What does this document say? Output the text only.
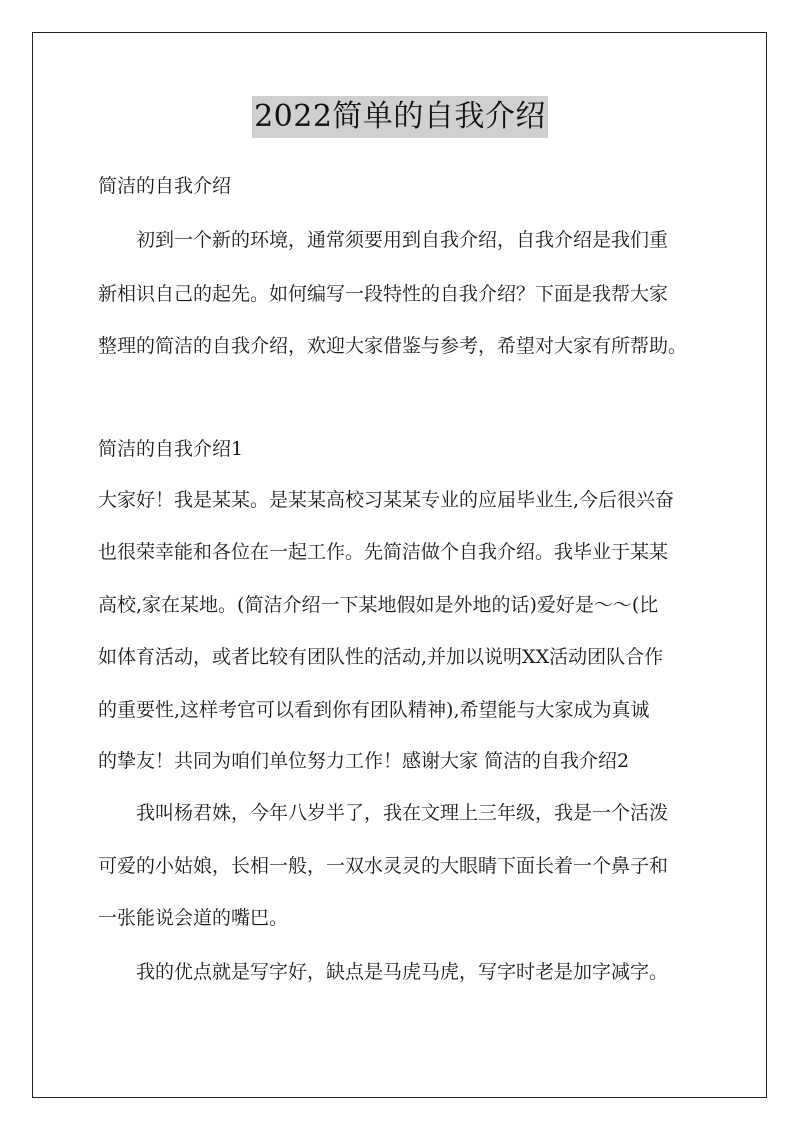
2022简单的自我介绍
简洁的自我介绍
初到一个新的环境，通常须要用到自我介绍，自我介绍是我们重
新相识自己的起先。如何编写一段特性的自我介绍？下面是我帮大家
整理的简洁的自我介绍，欢迎大家借鉴与参考，希望对大家有所帮助。
简洁的自我介绍1
大家好！我是某某。是某某高校习某某专业的应届毕业生,今后很兴奋
也很荣幸能和各位在一起工作。先简洁做个自我介绍。我毕业于某某
高校,家在某地。(简洁介绍一下某地假如是外地的话)爱好是～～(比
如体育活动，或者比较有团队性的活动,并加以说明XX活动团队合作
的重要性,这样考官可以看到你有团队精神),希望能与大家成为真诚
的挚友！共同为咱们单位努力工作！感谢大家 简洁的自我介绍2
我叫杨君姝，今年八岁半了，我在文理上三年级，我是一个活泼
可爱的小姑娘，长相一般，一双水灵灵的大眼睛下面长着一个鼻子和
一张能说会道的嘴巴。
我的优点就是写字好，缺点是马虎马虎，写字时老是加字减字。
